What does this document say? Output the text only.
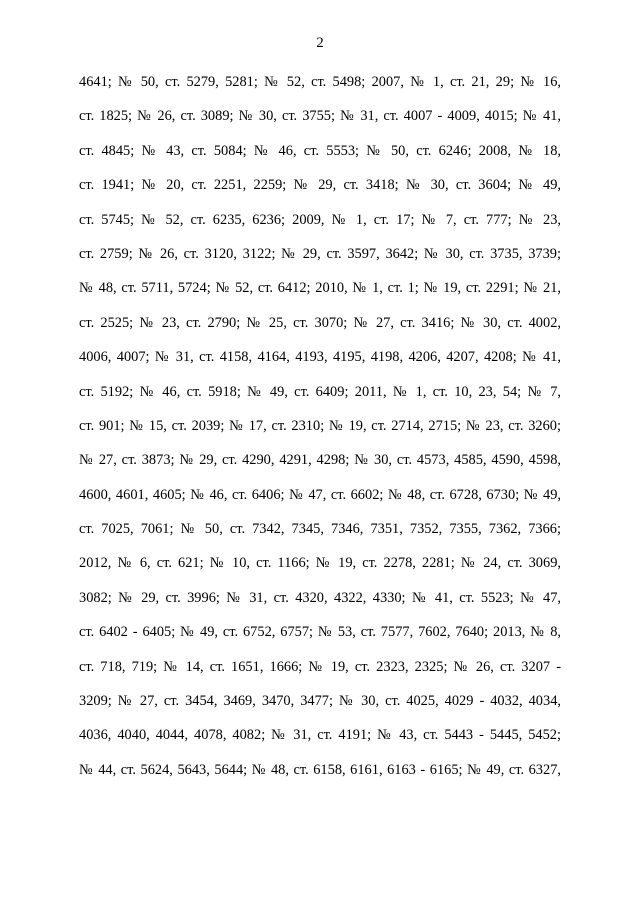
2
4641; № 50, ст. 5279, 5281; № 52, ст. 5498; 2007, № 1, ст. 21, 29; № 16,
ст. 1825; № 26, ст. 3089; № 30, ст. 3755; № 31, ст. 4007 - 4009, 4015; № 41,
ст. 4845; № 43, ст. 5084; № 46, ст. 5553; № 50, ст. 6246; 2008, № 18,
ст. 1941; № 20, ст. 2251, 2259; № 29, ст. 3418; № 30, ст. 3604; № 49,
ст. 5745; № 52, ст. 6235, 6236; 2009, № 1, ст. 17; № 7, ст. 777; № 23,
ст. 2759; № 26, ст. 3120, 3122; № 29, ст. 3597, 3642; № 30, ст. 3735, 3739;
№ 48, ст. 5711, 5724; № 52, ст. 6412; 2010, № 1, ст. 1; № 19, ст. 2291; № 21,
ст. 2525; № 23, ст. 2790; № 25, ст. 3070; № 27, ст. 3416; № 30, ст. 4002,
4006, 4007; № 31, ст. 4158, 4164, 4193, 4195, 4198, 4206, 4207, 4208; № 41,
ст. 5192; № 46, ст. 5918; № 49, ст. 6409; 2011, № 1, ст. 10, 23, 54; № 7,
ст. 901; № 15, ст. 2039; № 17, ст. 2310; № 19, ст. 2714, 2715; № 23, ст. 3260;
№ 27, ст. 3873; № 29, ст. 4290, 4291, 4298; № 30, ст. 4573, 4585, 4590, 4598,
4600, 4601, 4605; № 46, ст. 6406; № 47, ст. 6602; № 48, ст. 6728, 6730; № 49,
ст. 7025, 7061; № 50, ст. 7342, 7345, 7346, 7351, 7352, 7355, 7362, 7366;
2012, № 6, ст. 621; № 10, ст. 1166; № 19, ст. 2278, 2281; № 24, ст. 3069,
3082; № 29, ст. 3996; № 31, ст. 4320, 4322, 4330; № 41, ст. 5523; № 47,
ст. 6402 - 6405; № 49, ст. 6752, 6757; № 53, ст. 7577, 7602, 7640; 2013, № 8,
ст. 718, 719; № 14, ст. 1651, 1666; № 19, ст. 2323, 2325; № 26, ст. 3207 -
3209; № 27, ст. 3454, 3469, 3470, 3477; № 30, ст. 4025, 4029 - 4032, 4034,
4036, 4040, 4044, 4078, 4082; № 31, ст. 4191; № 43, ст. 5443 - 5445, 5452;
№ 44, ст. 5624, 5643, 5644; № 48, ст. 6158, 6161, 6163 - 6165; № 49, ст. 6327,
